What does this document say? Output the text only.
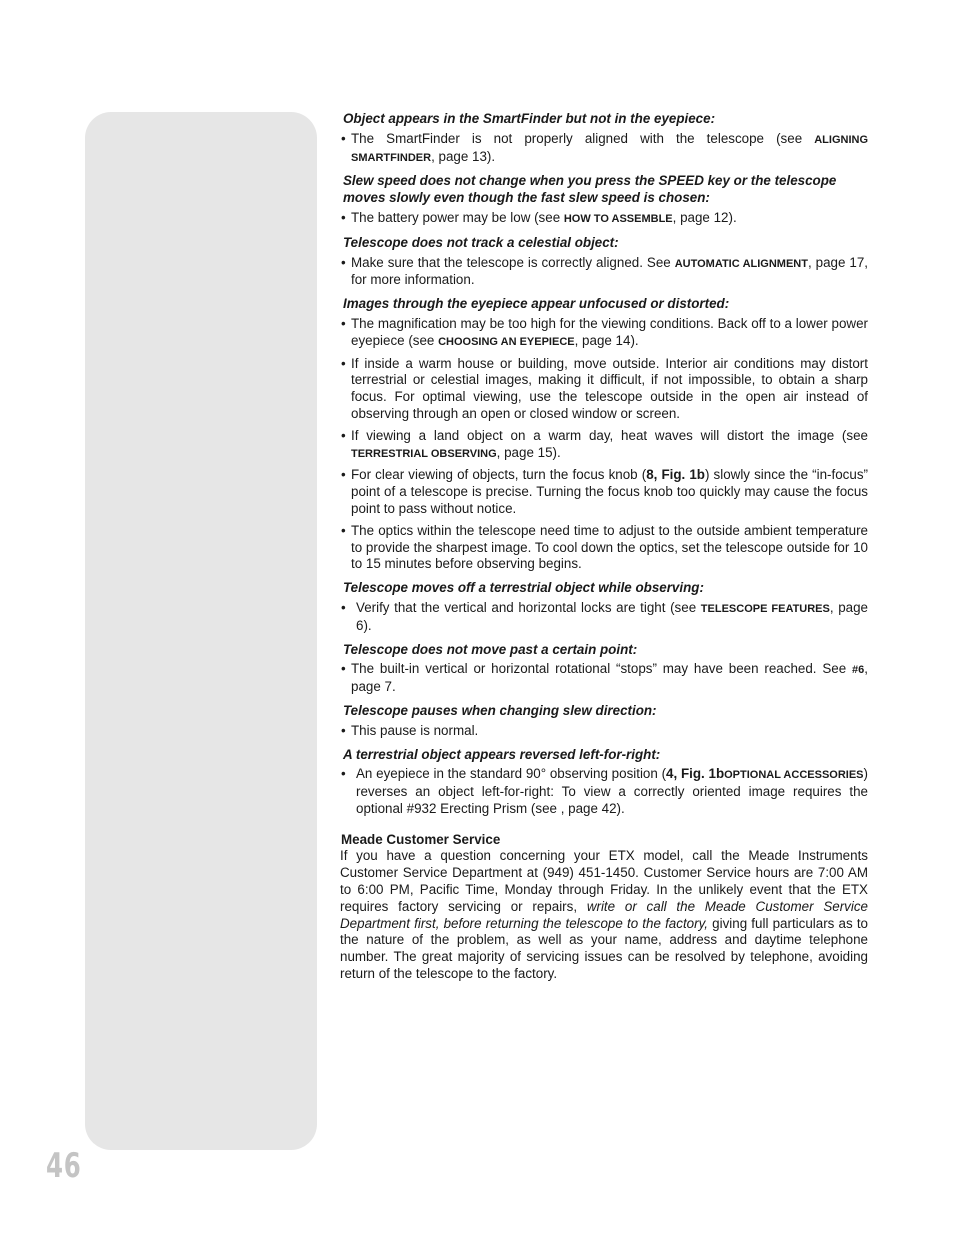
46
Object appears in the SmartFinder but not in the eyepiece:
• The SmartFinder is not properly aligned with the telescope (see ALIGNING SMARTFINDER, page 13).
Slew speed does not change when you press the SPEED key or the telescope moves slowly even though the fast slew speed is chosen:
• The battery power may be low (see HOW TO ASSEMBLE, page 12).
Telescope does not track a celestial object:
• Make sure that the telescope is correctly aligned. See AUTOMATIC ALIGNMENT, page 17, for more information.
Images through the eyepiece appear unfocused or distorted:
• The magnification may be too high for the viewing conditions. Back off to a lower power eyepiece (see CHOOSING AN EYEPIECE, page 14).
• If inside a warm house or building, move outside. Interior air conditions may distort terrestrial or celestial images, making it difficult, if not impossible, to obtain a sharp focus. For optimal viewing, use the telescope outside in the open air instead of observing through an open or closed window or screen.
• If viewing a land object on a warm day, heat waves will distort the image (see TERRESTRIAL OBSERVING, page 15).
• For clear viewing of objects, turn the focus knob (8, Fig. 1b) slowly since the “in-focus” point of a telescope is precise. Turning the focus knob too quickly may cause the focus point to pass without notice.
• The optics within the telescope need time to adjust to the outside ambient temperature to provide the sharpest image. To cool down the optics, set the telescope outside for 10 to 15 minutes before observing begins.
Telescope moves off a terrestrial object while observing:
• Verify that the vertical and horizontal locks are tight (see TELESCOPE FEATURES, page 6).
Telescope does not move past a certain point:
• The built-in vertical or horizontal rotational “stops” may have been reached. See #6, page 7.
Telescope pauses when changing slew direction:
• This pause is normal.
A terrestrial object appears reversed left-for-right:
• An eyepiece in the standard 90° observing position (4, Fig. 1bOPTIONAL ACCESSORIES) reverses an object left-for-right: To view a correctly oriented image requires the optional #932 Erecting Prism (see , page 42).
Meade Customer Service
If you have a question concerning your ETX model, call the Meade Instruments Customer Service Department at (949) 451-1450. Customer Service hours are 7:00 AM to 6:00 PM, Pacific Time, Monday through Friday. In the unlikely event that the ETX requires factory servicing or repairs, write or call the Meade Customer Service Department first, before returning the telescope to the factory, giving full particulars as to the nature of the problem, as well as your name, address and daytime telephone number. The great majority of servicing issues can be resolved by telephone, avoiding return of the telescope to the factory.
